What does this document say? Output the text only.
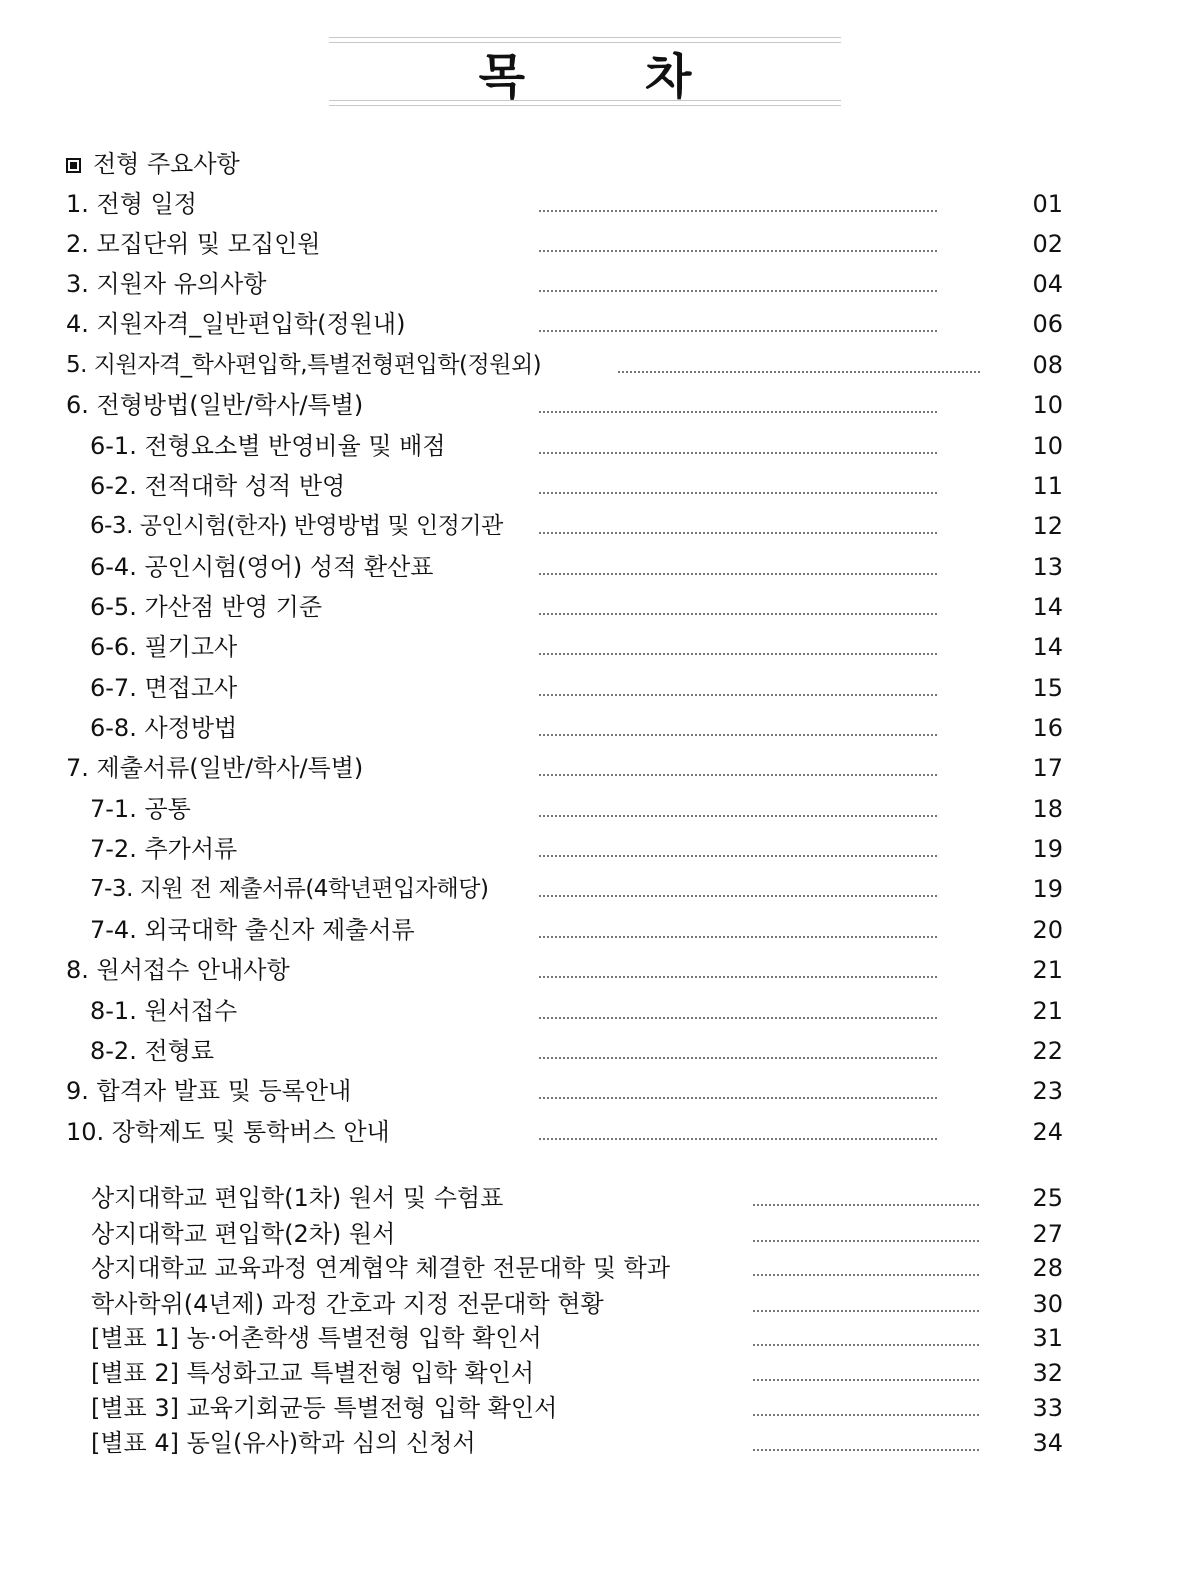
목	차
전형 주요사항
1. 전형 일정	01
2. 모집단위 및 모집인원	02
3. 지원자 유의사항	04
4. 지원자격_일반편입학(정원내)	06
5. 지원자격_학사편입학,특별전형편입학(정원외)	08
6. 전형방법(일반/학사/특별)	10
6-1. 전형요소별 반영비율 및 배점	10
6-2. 전적대학 성적 반영	11
6-3. 공인시험(한자) 반영방법 및 인정기관	12
6-4. 공인시험(영어) 성적 환산표	13
6-5. 가산점 반영 기준	14
6-6. 필기고사	14
6-7. 면접고사	15
6-8. 사정방법	16
7. 제출서류(일반/학사/특별)	17
7-1. 공통	18
7-2. 추가서류	19
7-3. 지원 전 제출서류(4학년편입자해당)	19
7-4. 외국대학 출신자 제출서류	20
8. 원서접수 안내사항	21
8-1. 원서접수	21
8-2. 전형료	22
9. 합격자 발표 및 등록안내	23
10. 장학제도 및 통학버스 안내	24
상지대학교 편입학(1차) 원서 및 수험표	25
상지대학교 편입학(2차) 원서	27
상지대학교 교육과정 연계협약 체결한 전문대학 및 학과	28
학사학위(4년제) 과정 간호과 지정 전문대학 현황	30
[별표 1] 농·어촌학생 특별전형 입학 확인서	31
[별표 2] 특성화고교 특별전형 입학 확인서	32
[별표 3] 교육기회균등 특별전형 입학 확인서	33
[별표 4] 동일(유사)학과 심의 신청서	34
